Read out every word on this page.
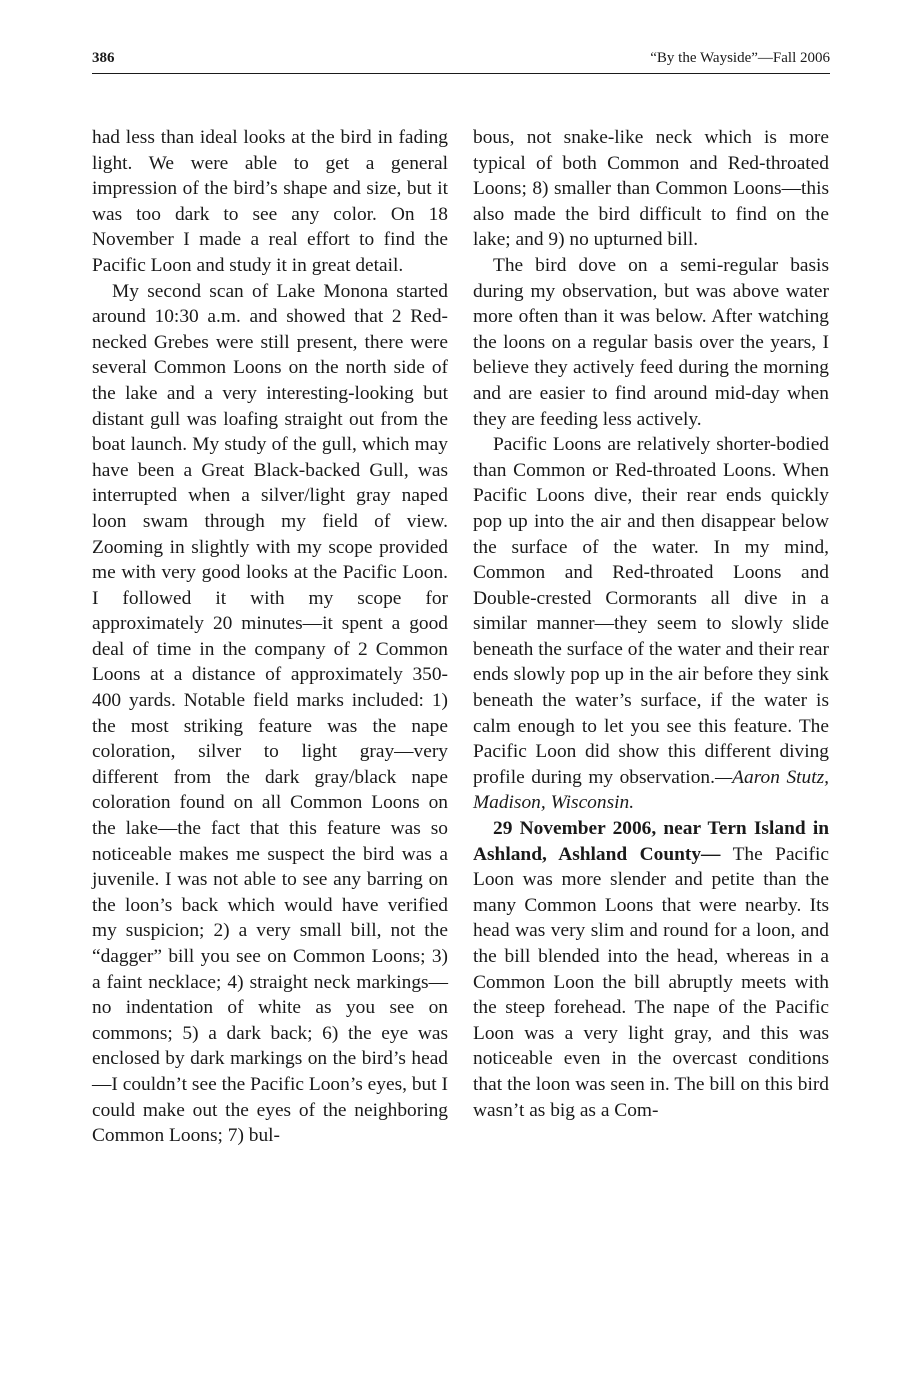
386	“By the Wayside”—Fall 2006

had less than ideal looks at the bird in fading light. We were able to get a general impression of the bird’s shape and size, but it was too dark to see any color. On 18 November I made a real effort to find the Pacific Loon and study it in great detail.

My second scan of Lake Monona started around 10:30 a.m. and showed that 2 Red-necked Grebes were still present, there were several Common Loons on the north side of the lake and a very interesting-looking but distant gull was loafing straight out from the boat launch. My study of the gull, which may have been a Great Black-backed Gull, was interrupted when a silver/light gray naped loon swam through my field of view. Zooming in slightly with my scope provided me with very good looks at the Pacific Loon. I followed it with my scope for approximately 20 minutes—it spent a good deal of time in the company of 2 Common Loons at a distance of approximately 350-400 yards. Notable field marks included: 1) the most striking feature was the nape coloration, silver to light gray—very different from the dark gray/black nape coloration found on all Common Loons on the lake—the fact that this feature was so noticeable makes me suspect the bird was a juvenile. I was not able to see any barring on the loon’s back which would have verified my suspicion; 2) a very small bill, not the “dagger” bill you see on Common Loons; 3) a faint necklace; 4) straight neck markings—no indentation of white as you see on commons; 5) a dark back; 6) the eye was enclosed by dark markings on the bird’s head—I couldn’t see the Pacific Loon’s eyes, but I could make out the eyes of the neighboring Common Loons; 7) bul-

bous, not snake-like neck which is more typical of both Common and Red-throated Loons; 8) smaller than Common Loons—this also made the bird difficult to find on the lake; and 9) no upturned bill.

The bird dove on a semi-regular basis during my observation, but was above water more often than it was below. After watching the loons on a regular basis over the years, I believe they actively feed during the morning and are easier to find around mid-day when they are feeding less actively.

Pacific Loons are relatively shorter-bodied than Common or Red-throated Loons. When Pacific Loons dive, their rear ends quickly pop up into the air and then disappear below the surface of the water. In my mind, Common and Red-throated Loons and Double-crested Cormorants all dive in a similar manner—they seem to slowly slide beneath the surface of the water and their rear ends slowly pop up in the air before they sink beneath the water’s surface, if the water is calm enough to let you see this feature. The Pacific Loon did show this different diving profile during my observation.—Aaron Stutz, Madison, Wisconsin.

29 November 2006, near Tern Island in Ashland, Ashland County— The Pacific Loon was more slender and petite than the many Common Loons that were nearby. Its head was very slim and round for a loon, and the bill blended into the head, whereas in a Common Loon the bill abruptly meets with the steep forehead. The nape of the Pacific Loon was a very light gray, and this was noticeable even in the overcast conditions that the loon was seen in. The bill on this bird wasn’t as big as a Com-
